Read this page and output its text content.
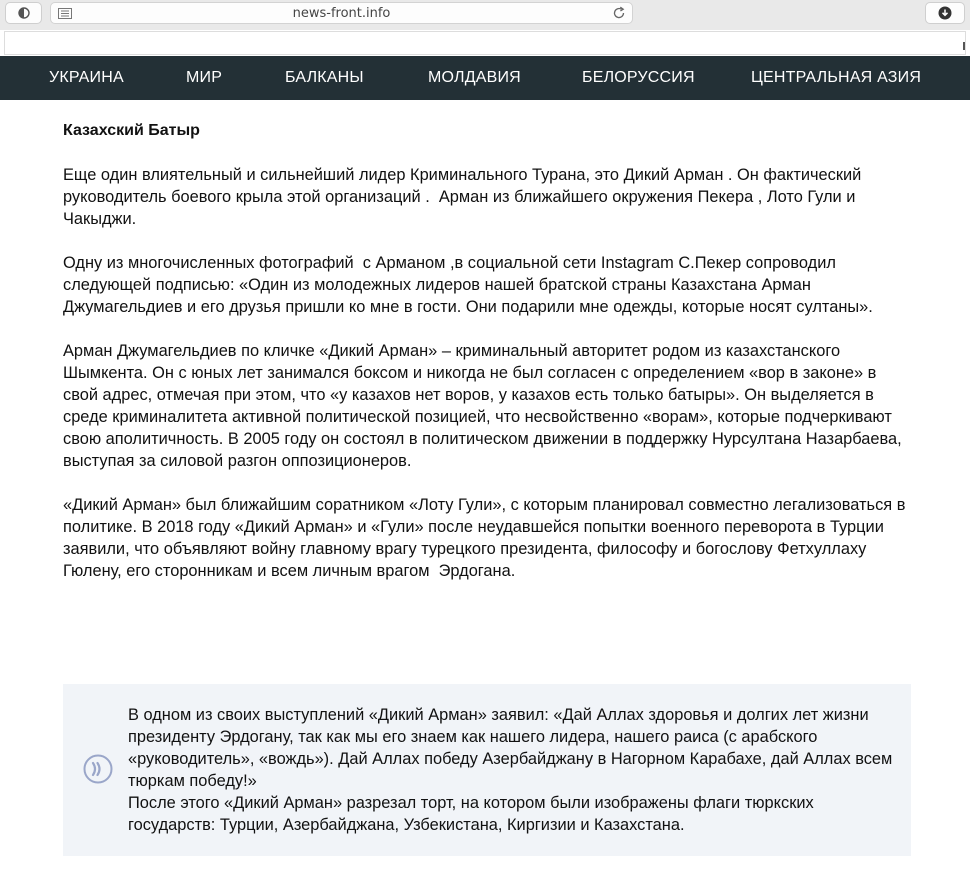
news-front.info
УКРАИНА	МИР	БАЛКАНЫ	МОЛДАВИЯ	БЕЛОРУССИЯ	ЦЕНТРАЛЬНАЯ АЗИЯ
Казахский Батыр

Еще один влиятельный и сильнейший лидер Криминального Турана, это Дикий Арман . Он фактический руководитель боевого крыла этой организаций .  Арман из ближайшего окружения Пекера , Лото Гули и Чакыджи.

Одну из многочисленных фотографий  с Арманом ,в социальной сети Instagram С.Пекер сопроводил следующей подписью: «Один из молодежных лидеров нашей братской страны Казахстана Арман Джумагельдиев и его друзья пришли ко мне в гости. Они подарили мне одежды, которые носят султаны».

Арман Джумагельдиев по кличке «Дикий Арман» – криминальный авторитет родом из казахстанского Шымкента. Он с юных лет занимался боксом и никогда не был согласен с определением «вор в законе» в свой адрес, отмечая при этом, что «у казахов нет воров, у казахов есть только батыры». Он выделяется в среде криминалитета активной политической позицией, что несвойственно «ворам», которые подчеркивают свою аполитичность. В 2005 году он состоял в политическом движении в поддержку Нурсултана Назарбаева, выступая за силовой разгон оппозиционеров.

«Дикий Арман» был ближайшим соратником «Лоту Гули», с которым планировал совместно легализоваться в политике. В 2018 году «Дикий Арман» и «Гули» после неудавшейся попытки военного переворота в Турции заявили, что объявляют войну главному врагу турецкого президента, философу и богослову Фетхуллаху Гюлену, его сторонникам и всем личным врагом  Эрдогана.

В одном из своих выступлений «Дикий Арман» заявил: «Дай Аллах здоровья и долгих лет жизни президенту Эрдогану, так как мы его знаем как нашего лидера, нашего раиса (с арабского «руководитель», «вождь»). Дай Аллах победу Азербайджану в Нагорном Карабахе, дай Аллах всем тюркам победу!»
После этого «Дикий Арман» разрезал торт, на котором были изображены флаги тюркских государств: Турции, Азербайджана, Узбекистана, Киргизии и Казахстана.
